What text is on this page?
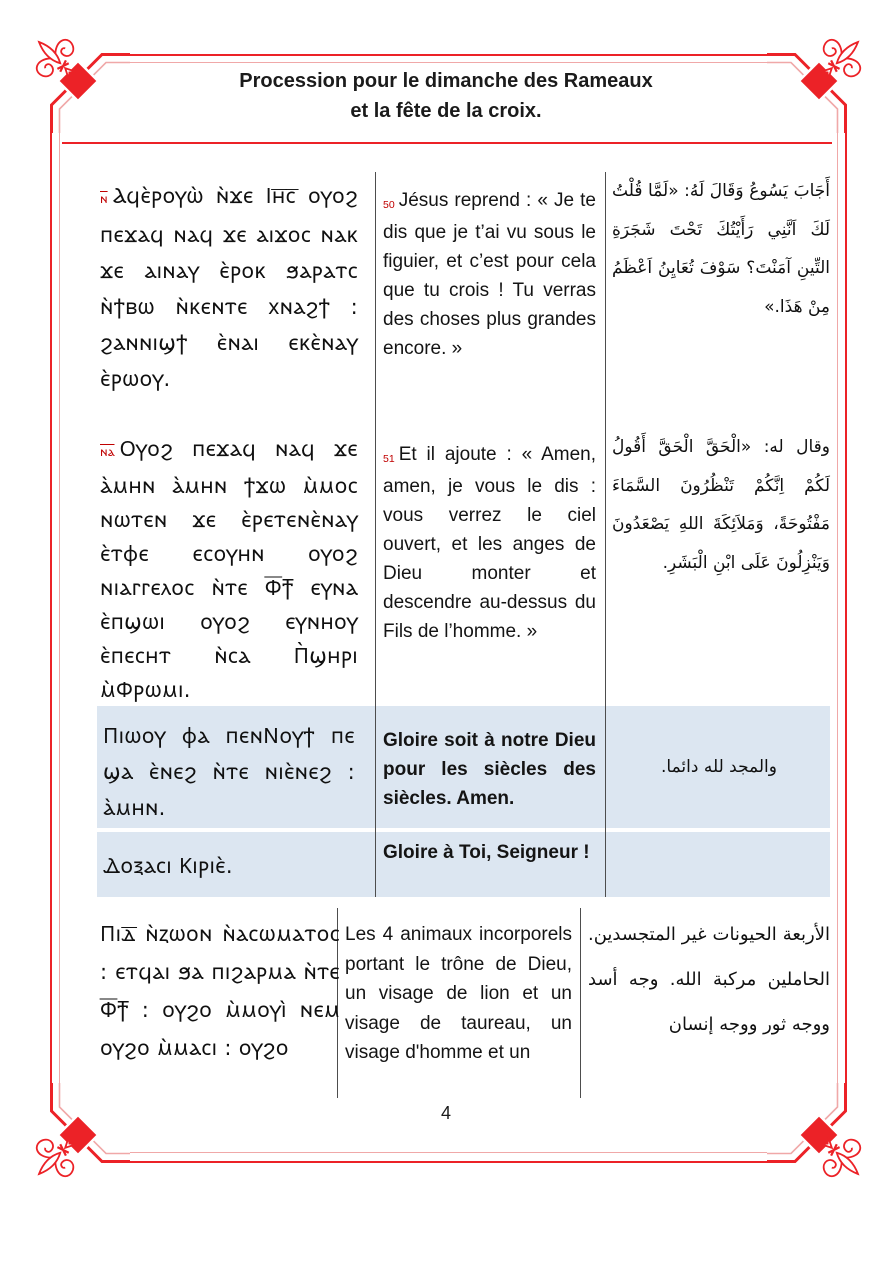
Procession pour le dimanche des Rameaux
et la fête de la croix.
ⲛ Ⲁϥⲉ̀ⲣⲟⲩⲱ̀ ⲛ̀ϫⲉ Ⲓⲏ̅ⲥ̅ ⲟⲩⲟϩ ⲡⲉϫⲁϥ ⲛⲁϥ ϫⲉ ⲁⲓϫⲟⲥ ⲛⲁⲕ ϫⲉ ⲁⲓⲛⲁⲩ ⲉ̀ⲣⲟⲕ ϧⲁⲣⲁⲧⲥ ⲛ̀ϯⲃⲱ ⲛ̀ⲕⲉⲛⲧⲉ ⲭⲛⲁϩϯ : ϩⲁⲛⲛⲓϣϯ ⲉ̀ⲛⲁⲓ ⲉⲕⲉ̀ⲛⲁⲩ ⲉ̀ⲣⲱⲟⲩ.
50 Jésus reprend : « Je te dis que je t’ai vu sous le figuier, et c’est pour cela que tu crois ! Tu verras des choses plus grandes encore. »
أَجَابَ يَسُوعُ وَقَالَ لَهُ: «لَمَّا قُلْتُ لَكَ اَنَّنِي رَأَيْتُكَ تَحْتَ شَجَرَةِ التِّينِ آمَنْتَ؟ سَوْفَ تُعَايِنُ اَعْظَمُ مِنْ هَذَا.»
ⲛⲁ Ⲟⲩⲟϩ ⲡⲉϫⲁϥ ⲛⲁϥ ϫⲉ ⲁ̀ⲙⲏⲛ ⲁ̀ⲙⲏⲛ ϯϫⲱ ⲙ̀ⲙⲟⲥ ⲛⲱⲧⲉⲛ ϫⲉ ⲉ̀ⲣⲉⲧⲉⲛⲉ̀ⲛⲁⲩ ⲉ̀ⲧⲫⲉ ⲉⲥⲟⲩⲏⲛ ⲟⲩⲟϩ ⲛⲓⲁⲅⲅⲉⲗⲟⲥ ⲛ̀ⲧⲉ Ⲫ̅ϯ̅ ⲉⲩⲛⲁ ⲉ̀ⲡϣⲱⲓ ⲟⲩⲟϩ ⲉⲩⲛⲏⲟⲩ ⲉ̀ⲡⲉⲥⲏⲧ ⲛ̀ⲥⲁ Ⲡ̀ϣⲏⲣⲓ ⲙ̀Ⲫⲣⲱⲙⲓ.
51 Et il ajoute : « Amen, amen, je vous le dis : vous verrez le ciel ouvert, et les anges de Dieu monter et descendre au-dessus du Fils de l’homme. »
وقال له: «الْحَقَّ الْحَقَّ أَقُولُ لَكُمْ اِنَّكُمْ تَنْظُرُونَ السَّمَاءَ مَفْتُوحَةً، وَمَلاَئِكَةَ اللهِ يَصْعَدُونَ وَيَنْزِلُونَ عَلَى ابْنِ الْبَشَرِ.
Ⲡⲓⲱⲟⲩ ⲫⲁ ⲡⲉⲛⲚⲟⲩϯ ⲡⲉ ϣⲁ ⲉ̀ⲛⲉϩ ⲛ̀ⲧⲉ ⲛⲓⲉ̀ⲛⲉϩ : ⲁ̀ⲙⲏⲛ.
Gloire soit à notre Dieu pour les siècles des siècles. Amen.
والمجد لله دائما.
Ⲇⲟⲝⲁⲥⲓ Ⲕⲓⲣⲓⲉ̀.
Gloire à Toi, Seigneur !
Ⲡⲓⲇ̅ ⲛ̀ⲍⲱⲟⲛ ⲛ̀ⲁⲥⲱⲙⲁⲧⲟⲥ : ⲉⲧϥⲁⲓ ϧⲁ ⲡⲓϩⲁⲣⲙⲁ ⲛ̀ⲧⲉ Ⲫ̅ϯ̅ : ⲟⲩϩⲟ ⲙ̀ⲙⲟⲩⲓ̀ ⲛⲉⲙ ⲟⲩϩⲟ ⲙ̀ⲙⲁⲥⲓ : ⲟⲩϩⲟ
Les 4 animaux incorporels portant le trône de Dieu, un visage de lion et un visage de taureau, un visage d'homme et un
الأربعة الحيونات غير المتجسدين. الحاملين مركبة الله. وجه أسد ووجه ثور ووجه إنسان
4
